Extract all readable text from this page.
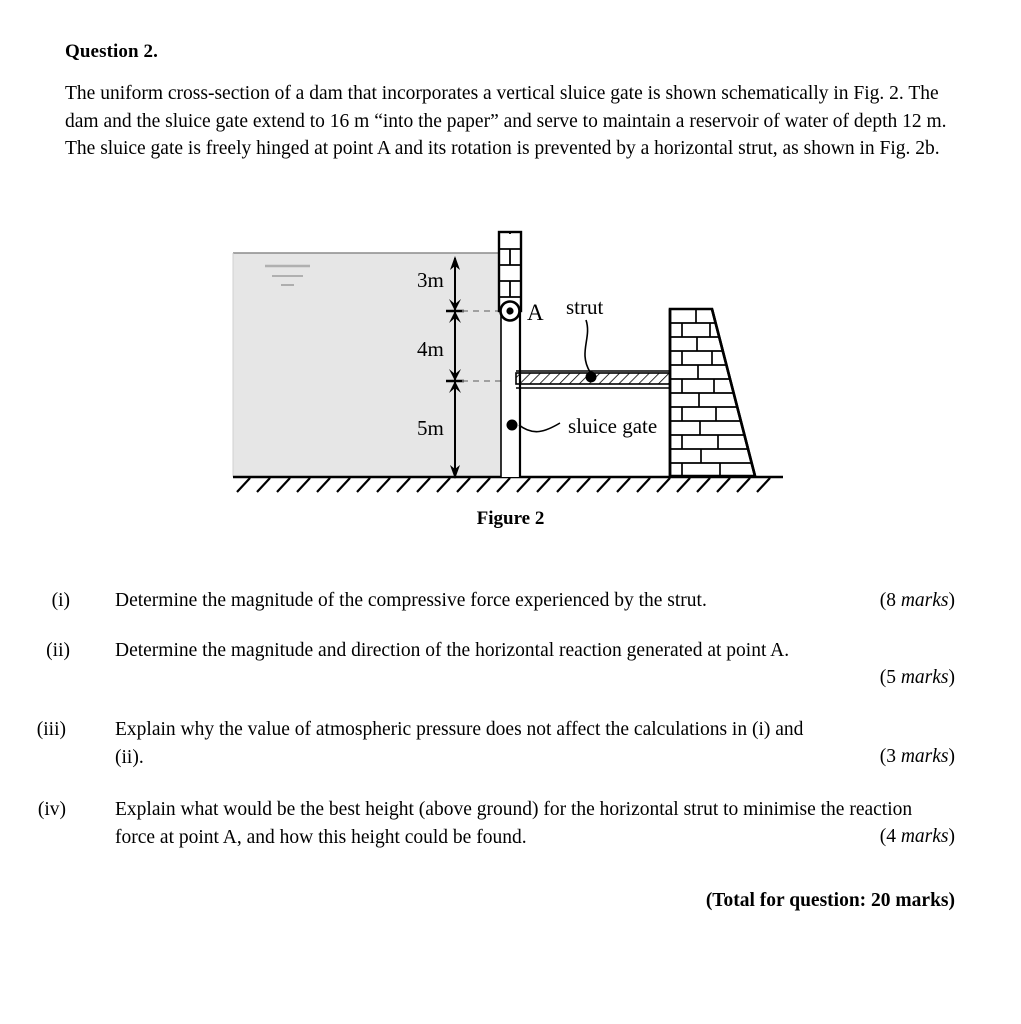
Question 2.

The uniform cross-section of a dam that incorporates a vertical sluice gate is shown schematically in Fig. 2. The dam and the sluice gate extend to 16 m “into the paper” and serve to maintain a reservoir of water of depth 12 m. The sluice gate is freely hinged at point A and its rotation is prevented by a horizontal strut, as shown in Fig. 2b.

3m
4m
5m
A strut
sluice gate
Figure 2
(i) Determine the magnitude of the compressive force experienced by the strut.	(8 marks)
(ii) Determine the magnitude and direction of the horizontal reaction generated at point A.
(5 marks)
(iii)	Explain why the value of atmospheric pressure does not affect the calculations in (i) and (ii).	(3 marks)
(iv)	Explain what would be the best height (above ground) for the horizontal strut to minimise the reaction force at point A, and how this height could be found.	(4 marks)
(Total for question: 20 marks)
